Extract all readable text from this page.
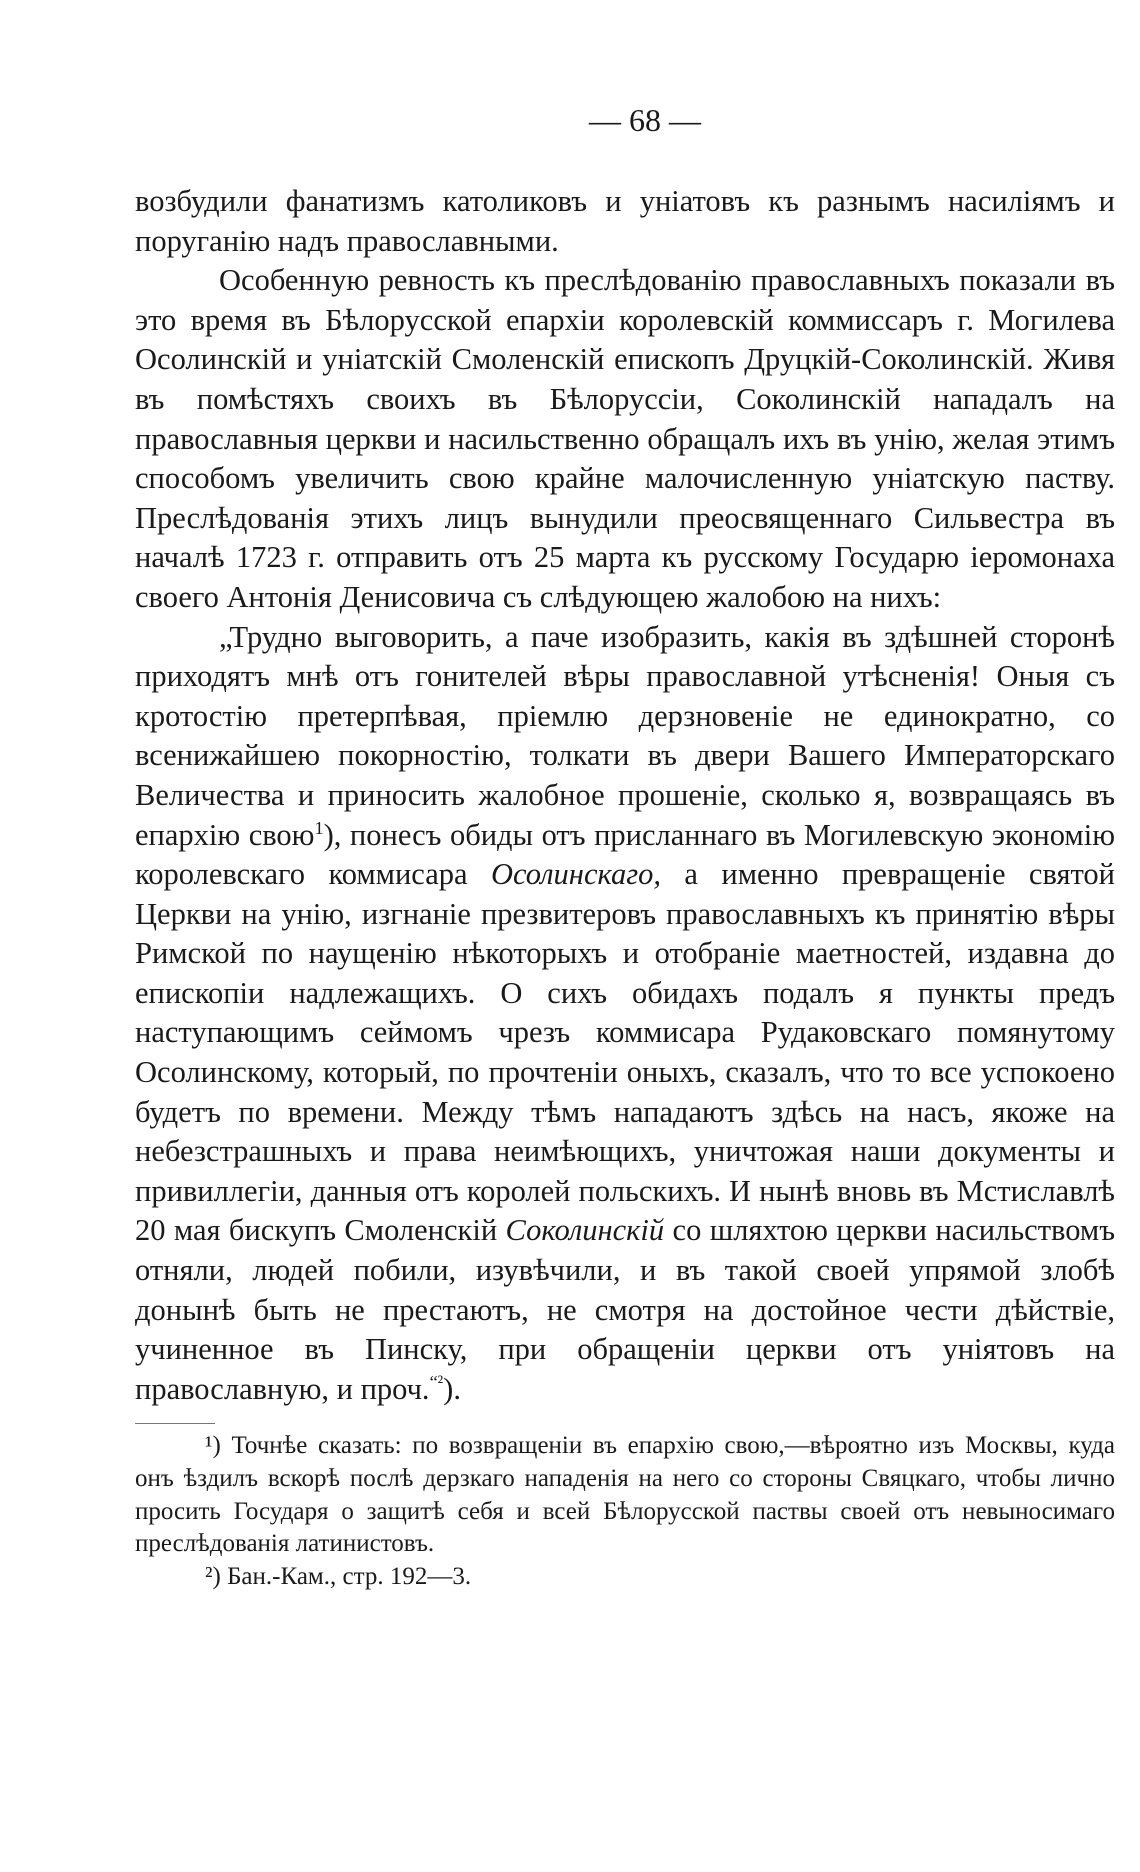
— 68 —

возбудили фанатизмъ католиковъ и уніатовъ къ разнымъ насиліямъ и поруганію надъ православными.

Особенную ревность къ преслѣдованію православныхъ показали въ это время въ Бѣлорусской епархіи королевскій коммиссаръ г. Могилева Осолинскій и уніатскій Смоленскій епископъ Друцкій-Соколинскій. Живя въ помѣстяхъ своихъ въ Бѣлоруссіи, Соколинскій нападалъ на православныя церкви и насильственно обращалъ ихъ въ унію, желая этимъ способомъ увеличить свою крайне малочисленную уніатскую паству. Преслѣдованія этихъ лицъ вынудили преосвященнаго Сильвестра въ началѣ 1723 г. отправить отъ 25 марта къ русскому Государю іеромонаха своего Антонія Денисовича съ слѣдующею жалобою на нихъ:

„Трудно выговорить, а паче изобразить, какія въ здѣшней сторонѣ приходятъ мнѣ отъ гонителей вѣры православной утѣсненія! Оныя съ кротостію претерпѣвая, пріемлю дерзновеніе не единократно, со всенижайшею покорностію, толкати въ двери Вашего Императорскаго Величества и приносить жалобное прошеніе, сколько я, возвращаясь въ епархію свою$^1$), понесъ обиды отъ присланнаго въ Могилевскую экономію королевскаго коммисара Осолинскаго, а именно превращеніе святой Церкви на унію, изгнаніе презвитеровъ православныхъ къ принятію вѣры Римской по наущенію нѣкоторыхъ и отобраніе маетностей, издавна до епископіи надлежащихъ. О сихъ обидахъ подалъ я пункты предъ наступающимъ сеймомъ чрезъ коммисара Рудаковскаго помянутому Осолинскому, который, по прочтеніи оныхъ, сказалъ, что то все успокоено будетъ по времени. Между тѣмъ нападаютъ здѣсь на насъ, якоже на небезстрашныхъ и права неимѣющихъ, уничтожая наши документы и привиллегіи, данныя отъ королей польскихъ. И нынѣ вновь въ Мстиславлѣ 20 мая бискупъ Смоленскій Соколинскій со шляхтою церкви насильствомъ отняли, людей побили, изувѣчили, и въ такой своей упрямой злобѣ донынѣ быть не престаютъ, не смотря на достойное чести дѣйствіе, учиненное въ Пинску, при обращеніи церкви отъ уніятовъ на православную, и проч.$^{“^2}$).

¹) Точнѣе сказать: по возвращеніи въ епархію свою,—вѣроятно изъ Москвы, куда онъ ѣздилъ вскорѣ послѣ дерзкаго нападенія на него со стороны Свяцкаго, чтобы лично просить Государя о защитѣ себя и всей Бѣлорусской паствы своей отъ невыносимаго преслѣдованія латинистовъ.

²) Бан.-Кам., стр. 192—3.
